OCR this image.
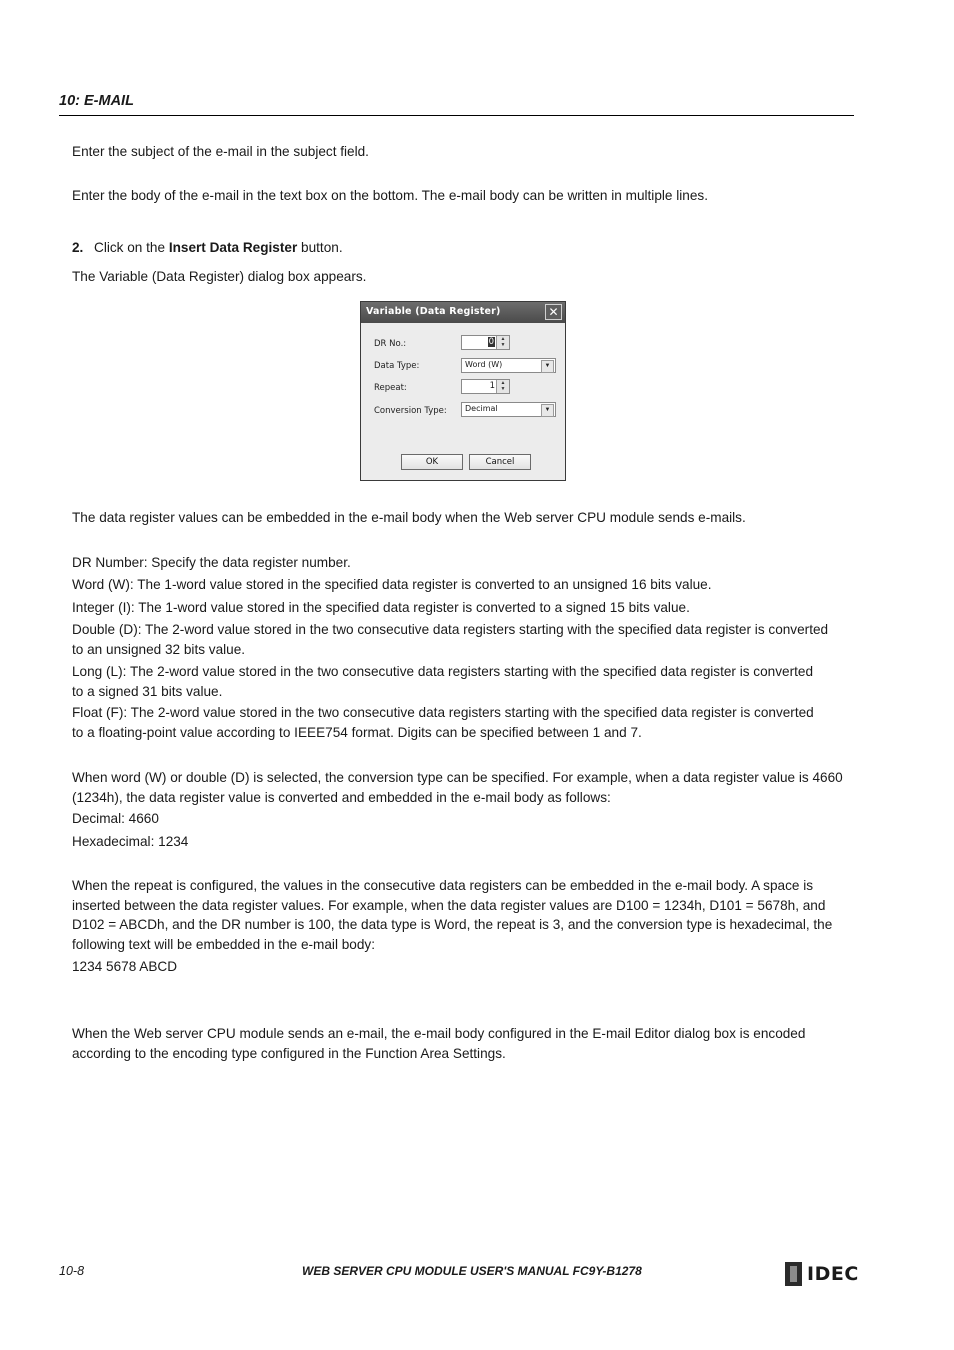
10: E-MAIL

Enter the subject of the e-mail in the subject field.

Enter the body of the e-mail in the text box on the bottom. The e-mail body can be written in multiple lines.

2. Click on the Insert Data Register button.

The Variable (Data Register) dialog box appears.

Variable (Data Register)	✕
DR No.:	0	▲
▼
Data Type:	Word (W)	▼
Repeat:	1	▲
▼
Conversion Type: Decimal	▼
OK	Cancel

The data register values can be embedded in the e-mail body when the Web server CPU module sends e-mails.

DR Number: Specify the data register number.

Word (W): The 1-word value stored in the specified data register is converted to an unsigned 16 bits value.

Integer (I): The 1-word value stored in the specified data register is converted to a signed 15 bits value.

Double (D): The 2-word value stored in the two consecutive data registers starting with the specified data register is converted to an unsigned 32 bits value.

Long (L): The 2-word value stored in the two consecutive data registers starting with the specified data register is converted to a signed 31 bits value.

Float (F): The 2-word value stored in the two consecutive data registers starting with the specified data register is converted to a floating-point value according to IEEE754 format. Digits can be specified between 1 and 7.

When word (W) or double (D) is selected, the conversion type can be specified. For example, when a data register value is 4660 (1234h), the data register value is converted and embedded in the e-mail body as follows:

Decimal: 4660

Hexadecimal: 1234

When the repeat is configured, the values in the consecutive data registers can be embedded in the e-mail body. A space is inserted between the data register values. For example, when the data register values are D100 = 1234h, D101 = 5678h, and D102 = ABCDh, and the DR number is 100, the data type is Word, the repeat is 3, and the conversion type is hexadecimal, the following text will be embedded in the e-mail body:

1234 5678 ABCD

When the Web server CPU module sends an e-mail, the e-mail body configured in the E-mail Editor dialog box is encoded according to the encoding type configured in the Function Area Settings.

10-8	WEB SERVER CPU MODULE USER'S MANUAL FC9Y-B1278	IDEC
